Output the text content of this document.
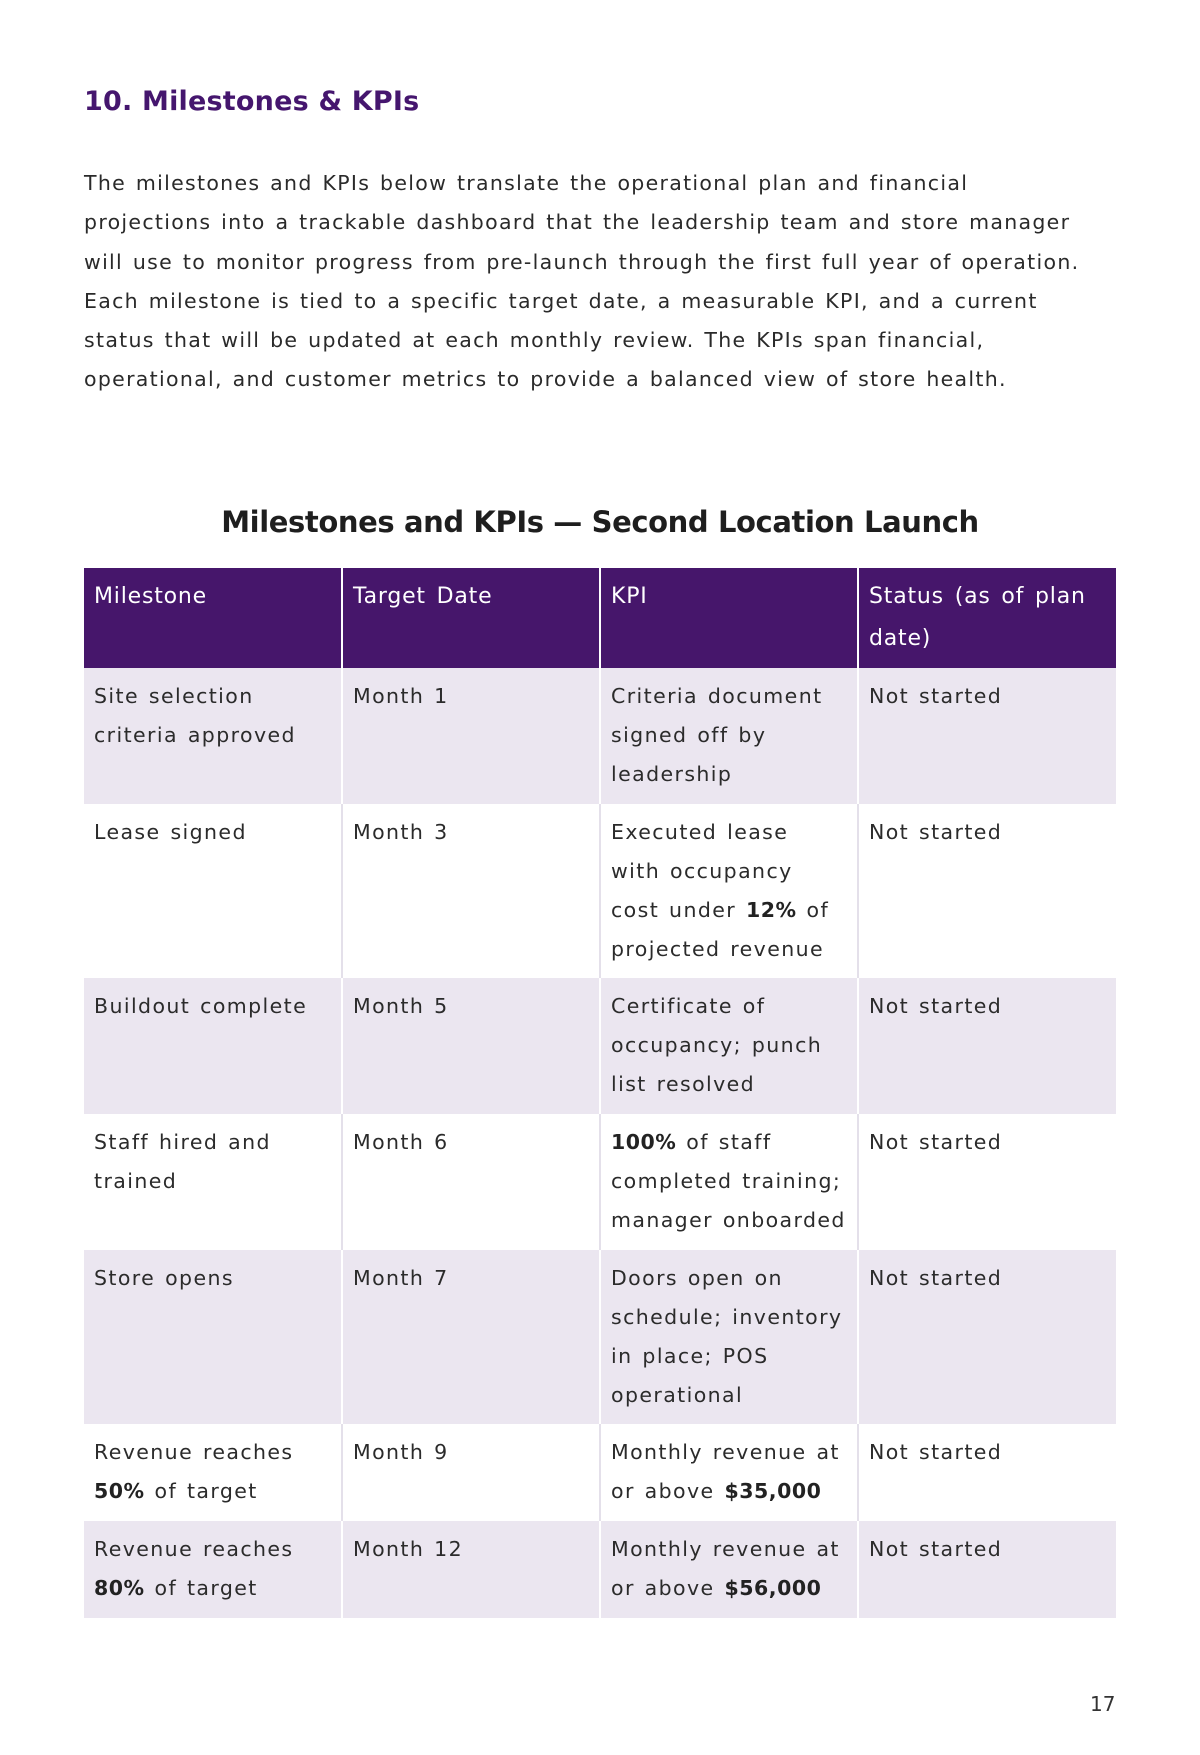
10. Milestones & KPIs

The milestones and KPIs below translate the operational plan and financial projections into a trackable dashboard that the leadership team and store manager will use to monitor progress from pre-launch through the first full year of operation. Each milestone is tied to a specific target date, a measurable KPI, and a current status that will be updated at each monthly review. The KPIs span financial, operational, and customer metrics to provide a balanced view of store health.

Milestones and KPIs — Second Location Launch
Milestone	Target Date	KPI	Status (as of plan date)
Site selection criteria approved	Month 1	Criteria document signed off by leadership	Not started
Lease signed	Month 3	Executed lease with occupancy cost under 12% of projected revenue	Not started
Buildout complete	Month 5	Certificate of occupancy; punch list resolved	Not started
Staff hired and trained	Month 6	100% of staff completed training; manager onboarded	Not started
Store opens	Month 7	Doors open on schedule; inventory in place; POS operational	Not started
Revenue reaches 50% of target	Month 9	Monthly revenue at or above $35,000	Not started
Revenue reaches 80% of target	Month 12	Monthly revenue at or above $56,000	Not started
17
